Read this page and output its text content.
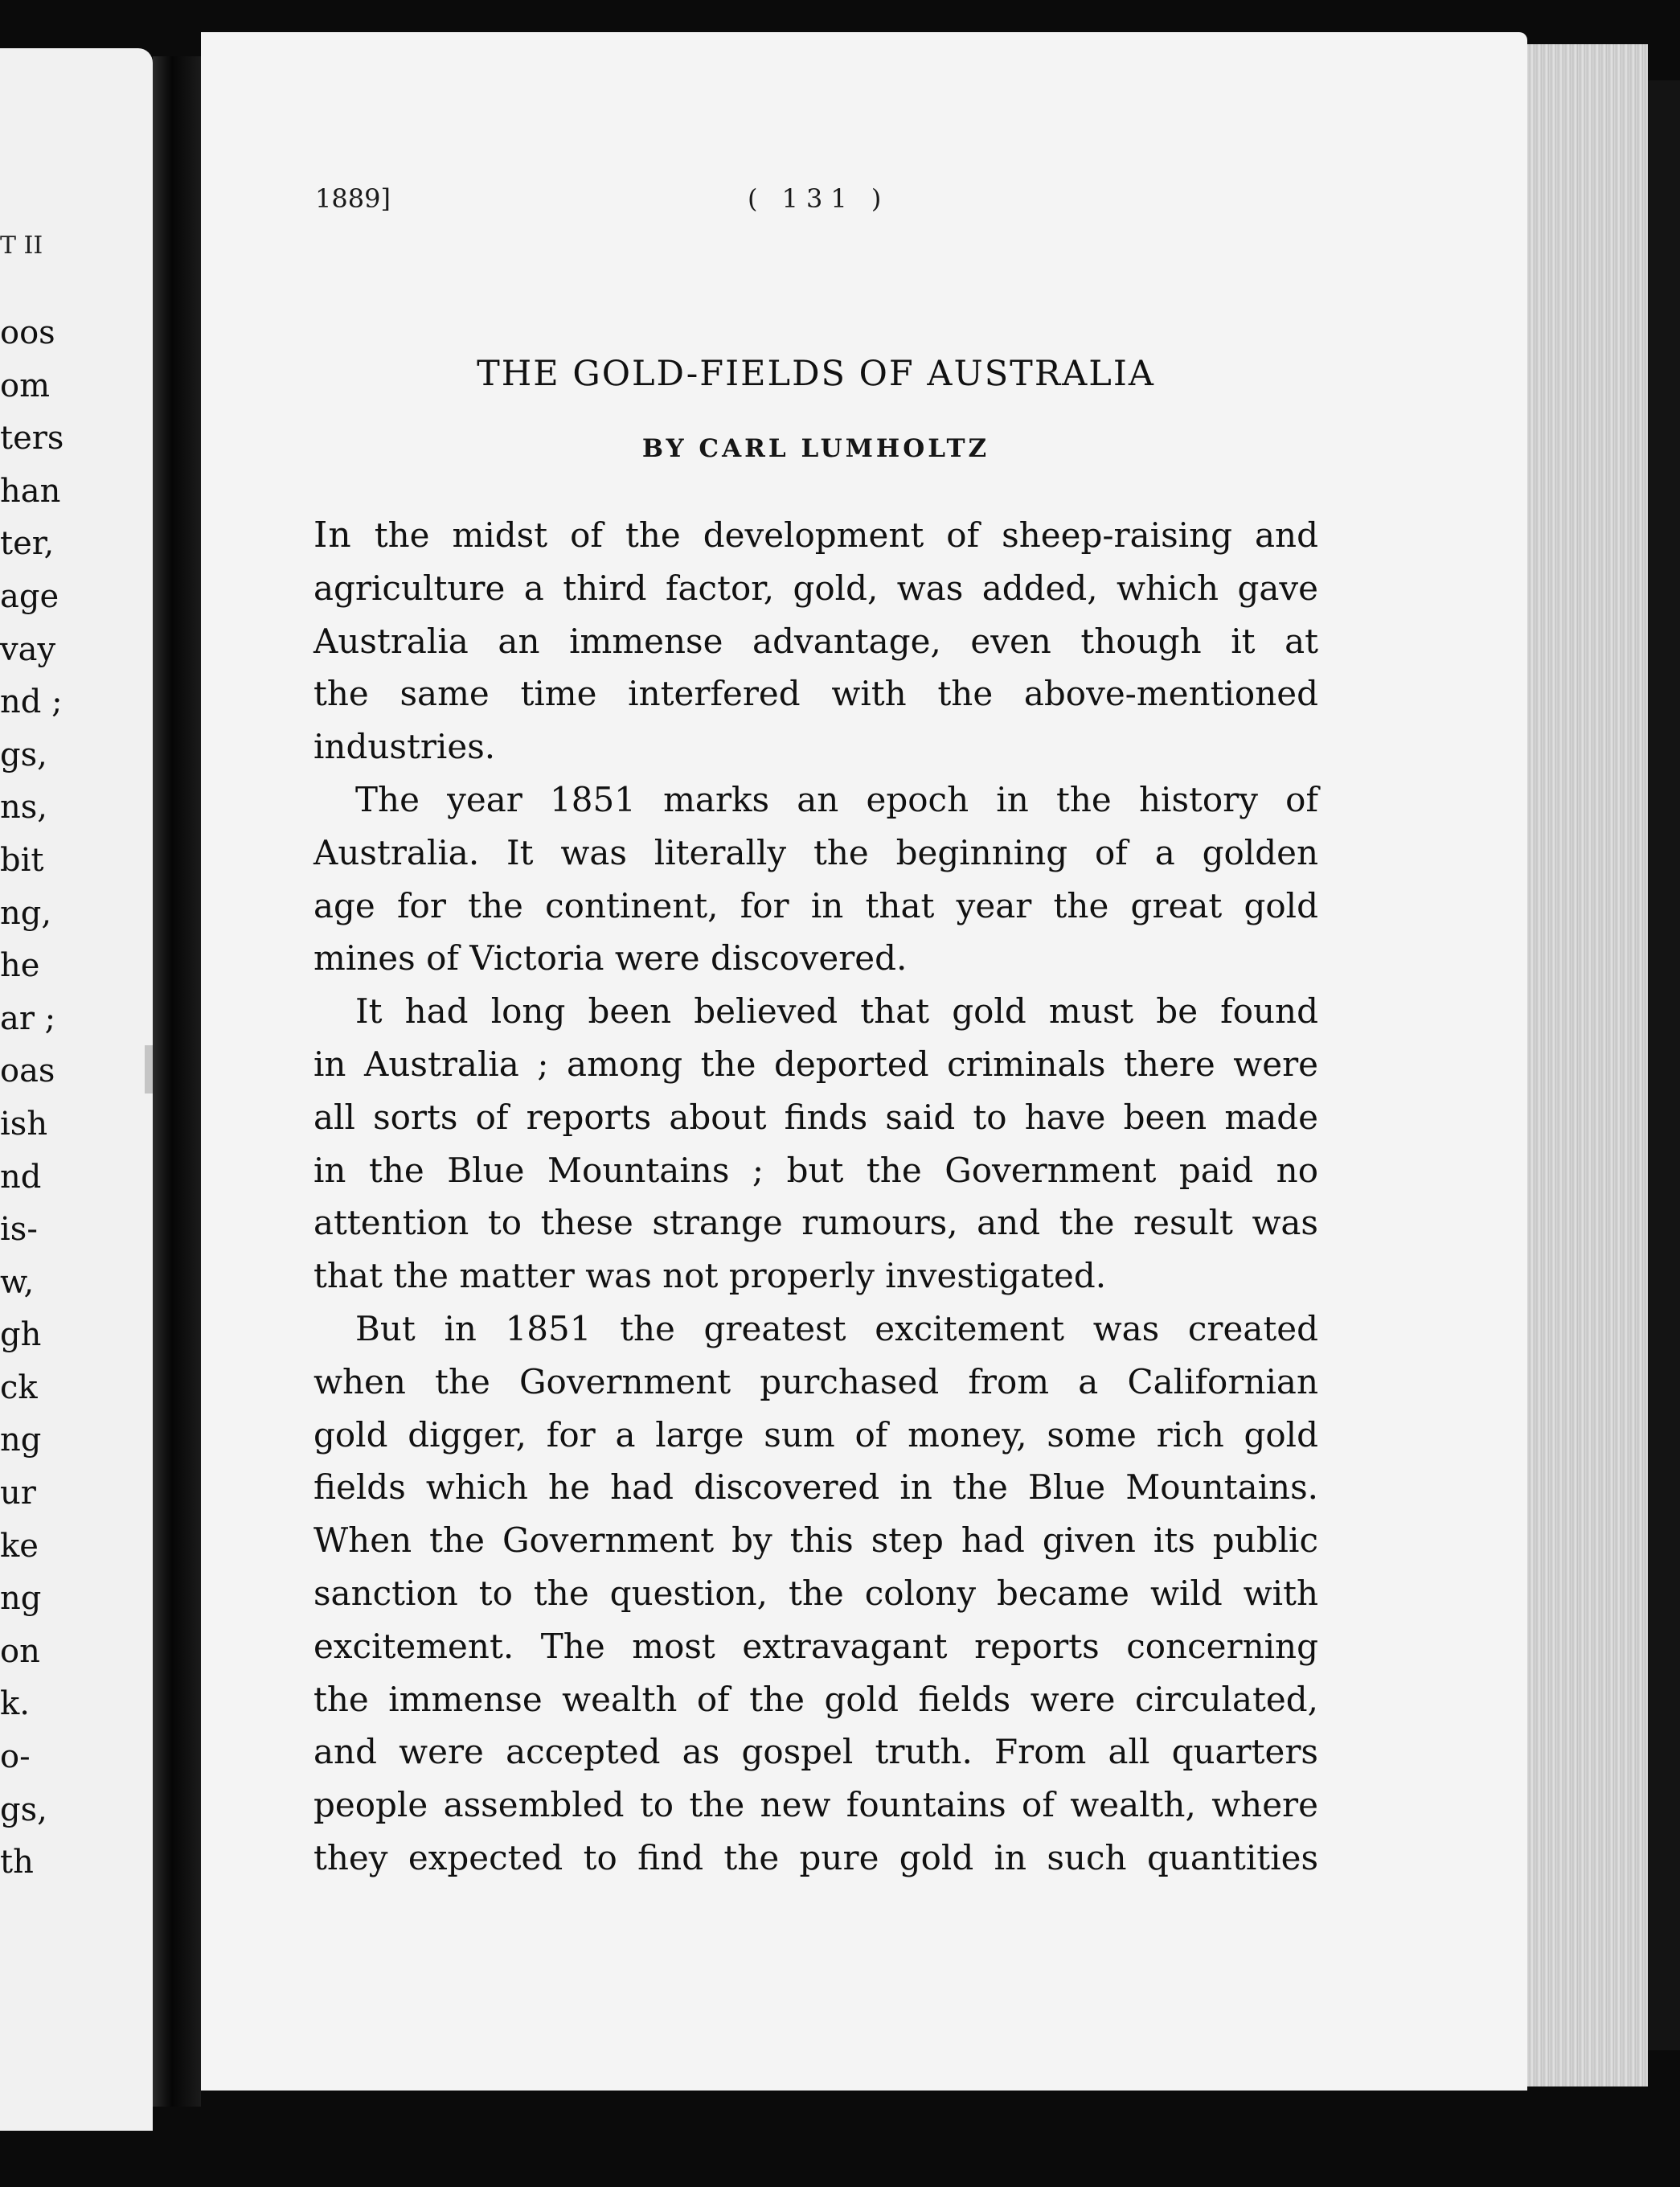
T II
oos
om
ters
han
ter,
age
vay
nd ;
gs,
ns,
bit
ng,
he
ar ;
oas
ish
nd
is-
w,
gh
ck
ng
ur
ke
ng
on
k.
o-
gs,
th
1889]	( 131 )
THE GOLD-FIELDS OF AUSTRALIA
BY CARL LUMHOLTZ
In the midst of the development of sheep-raising and
agriculture a third factor, gold, was added, which gave
Australia an immense advantage, even though it at
the same time interfered with the above-mentioned
industries.
The year 1851 marks an epoch in the history of
Australia. It was literally the beginning of a golden
age for the continent, for in that year the great gold
mines of Victoria were discovered.
It had long been believed that gold must be found
in Australia ; among the deported criminals there were
all sorts of reports about finds said to have been made
in the Blue Mountains ; but the Government paid no
attention to these strange rumours, and the result was
that the matter was not properly investigated.
But in 1851 the greatest excitement was created
when the Government purchased from a Californian
gold digger, for a large sum of money, some rich gold
fields which he had discovered in the Blue Mountains.
When the Government by this step had given its public
sanction to the question, the colony became wild with
excitement. The most extravagant reports concerning
the immense wealth of the gold fields were circulated,
and were accepted as gospel truth. From all quarters
people assembled to the new fountains of wealth, where
they expected to find the pure gold in such quantities
